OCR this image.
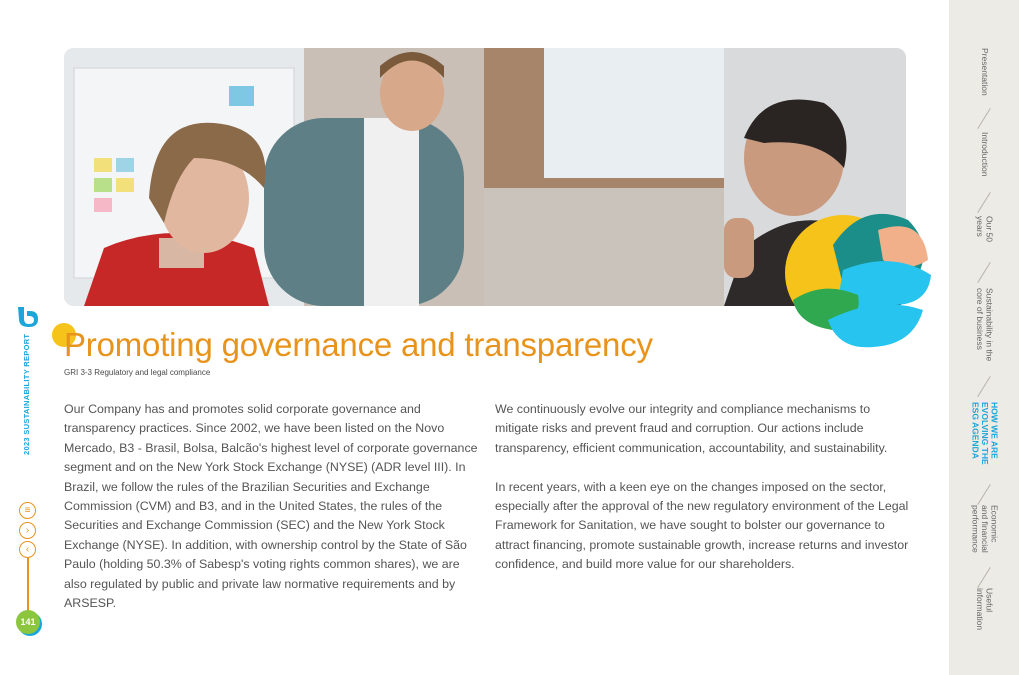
2023 SUSTAINABILITY REPORT
≡
›
‹
141
Promoting governance and transparency
GRI 3-3 Regulatory and legal compliance

Our Company has and promotes solid corporate governance and transparency practices. Since 2002, we have been listed on the Novo Mercado, B3 - Brasil, Bolsa, Balcão's highest level of corporate governance segment and on the New York Stock Exchange (NYSE) (ADR level III). In Brazil, we follow the rules of the Brazilian Securities and Exchange Commission (CVM) and B3, and in the United States, the rules of the Securities and Exchange Commission (SEC) and the New York Stock Exchange (NYSE). In addition, with ownership control by the State of São Paulo (holding 50.3% of Sabesp's voting rights common shares), we are also regulated by public and private law normative requirements and by ARSESP.

We continuously evolve our integrity and compliance mechanisms to mitigate risks and prevent fraud and corruption. Our actions include transparency, efficient communication, accountability, and sustainability.

In recent years, with a keen eye on the changes imposed on the sector, especially after the approval of the new regulatory environment of the Legal Framework for Sanitation, we have sought to bolster our governance to attract financing, promote sustainable growth, increase returns and investor confidence, and build more value for our shareholders.

Presentation
Introduction
Our 50
years
Sustainability in the
core of business
HOW WE ARE
EVOLVING THE
ESG AGENDA
Economic
and financial
performance
Useful
information
